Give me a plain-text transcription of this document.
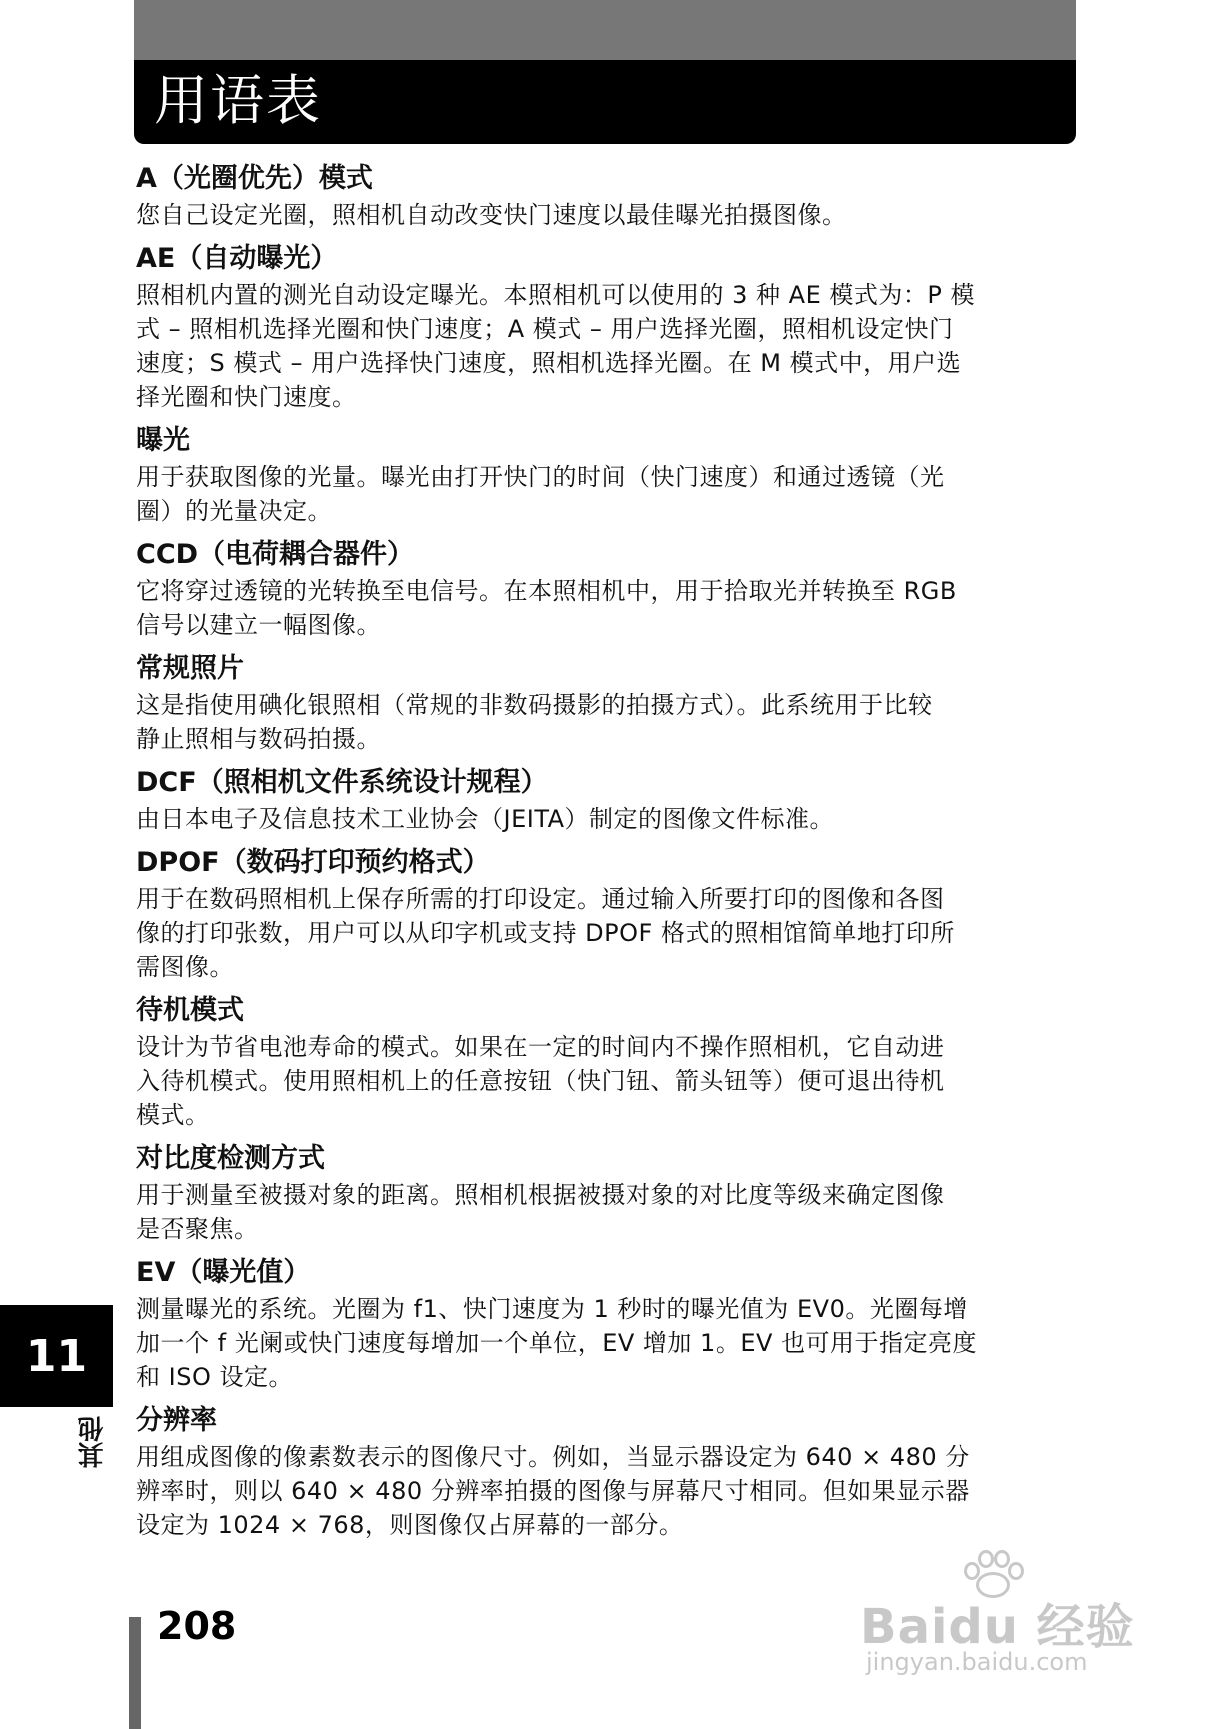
用语表

A（光圈优先）模式

您自己设定光圈，照相机自动改变快门速度以最佳曝光拍摄图像。

AE（自动曝光）

照相机内置的测光自动设定曝光。本照相机可以使用的 3 种 AE 模式为：P 模

式 – 照相机选择光圈和快门速度；A 模式 – 用户选择光圈，照相机设定快门

速度；S 模式 – 用户选择快门速度，照相机选择光圈。在 M 模式中，用户选

择光圈和快门速度。

曝光

用于获取图像的光量。曝光由打开快门的时间（快门速度）和通过透镜（光

圈）的光量决定。

CCD（电荷耦合器件）

它将穿过透镜的光转换至电信号。在本照相机中，用于拾取光并转换至 RGB

信号以建立一幅图像。

常规照片

这是指使用碘化银照相（常规的非数码摄影的拍摄方式）。此系统用于比较

静止照相与数码拍摄。

DCF（照相机文件系统设计规程）

由日本电子及信息技术工业协会（JEITA）制定的图像文件标准。

DPOF（数码打印预约格式）

用于在数码照相机上保存所需的打印设定。通过输入所要打印的图像和各图

像的打印张数，用户可以从印字机或支持 DPOF 格式的照相馆简单地打印所

需图像。

待机模式

设计为节省电池寿命的模式。如果在一定的时间内不操作照相机，它自动进

入待机模式。使用照相机上的任意按钮（快门钮、箭头钮等）便可退出待机

模式。

对比度检测方式

用于测量至被摄对象的距离。照相机根据被摄对象的对比度等级来确定图像

是否聚焦。

EV（曝光值）

测量曝光的系统。光圈为 f1、快门速度为 1 秒时的曝光值为 EV0。光圈每增

加一个 f 光阑或快门速度每增加一个单位，EV 增加 1。EV 也可用于指定亮度

和 ISO 设定。

分辨率

用组成图像的像素数表示的图像尺寸。例如，当显示器设定为 640 × 480 分

辨率时，则以 640 × 480 分辨率拍摄的图像与屏幕尺寸相同。但如果显示器

设定为 1024 × 768，则图像仅占屏幕的一部分。

11
其他
208	Baidu 经验
jingyan.baidu.com
